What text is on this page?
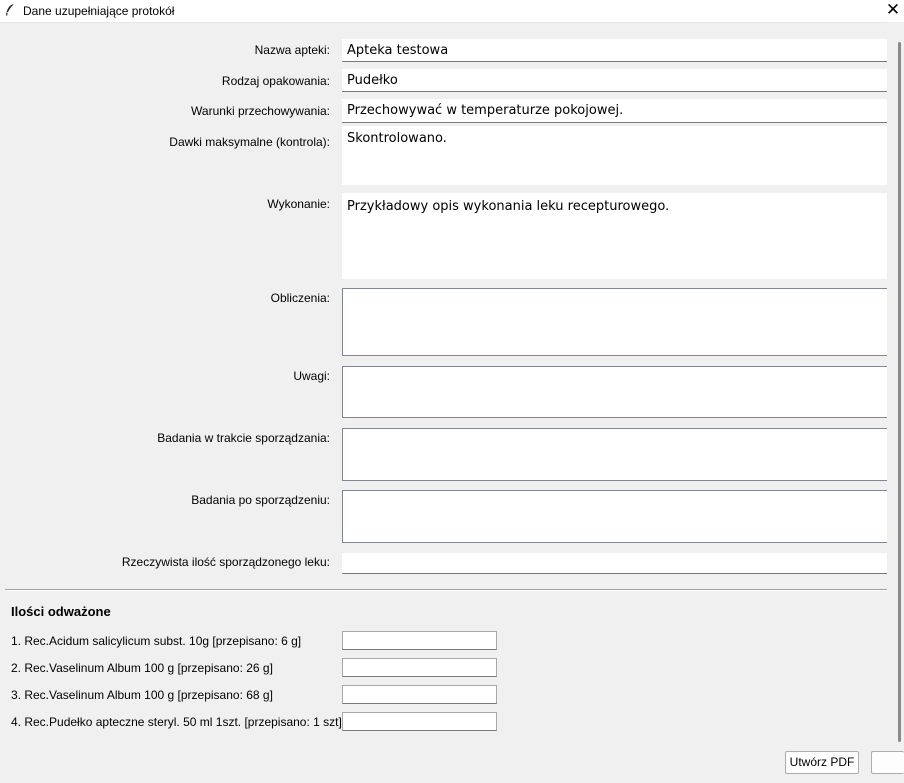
Dane uzupełniające protokół	✕
Nazwa apteki:
Apteka testowa
Rodzaj opakowania:
Pudełko
Warunki przechowywania:
Przechowywać w temperaturze pokojowej.
Dawki maksymalne (kontrola):	Skontrolowano.
Wykonanie:	Przykładowy opis wykonania leku recepturowego.
Obliczenia:
Uwagi:
Badania w trakcie sporządzania:
Badania po sporządzeniu:
Rzeczywista ilość sporządzonego leku:
Ilości odważone
1. Rec.Acidum salicylicum subst. 10g [przepisano: 6 g]
2. Rec.Vaselinum Album 100 g [przepisano: 26 g]
3. Rec.Vaselinum Album 100 g [przepisano: 68 g]
4. Rec.Pudełko apteczne steryl. 50 ml 1szt. [przepisano: 1 szt]
Utwórz PDF
